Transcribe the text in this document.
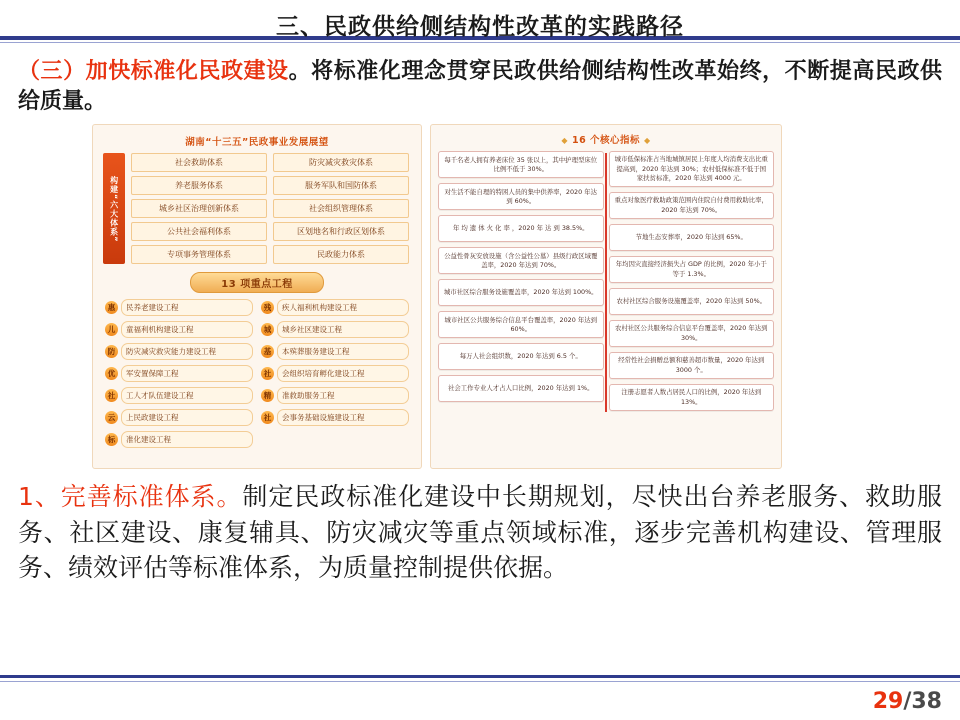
三、民政供给侧结构性改革的实践路径
（三）加快标准化民政建设。将标准化理念贯穿民政供给侧结构性改革始终，不断提高民政供给质量。
湖南“十三五”民政事业发展展望
构建“六大体系”
社会救助体系
养老服务体系
城乡社区治理创新体系
公共社会福利体系
专项事务管理体系
防灾减灾救灾体系
服务军队和国防体系
社会组织管理体系
区划地名和行政区划体系
民政能力体系
13 项重点工程
惠	民养老建设工程
儿	童福利机构建设工程
防	防灾减灾救灾能力建设工程
优	军安置保障工程
社	工人才队伍建设工程
云	上民政建设工程
标	准化建设工程
残	疾人福利机构建设工程
城	城乡社区建设工程
基	本殡葬服务建设工程
社	会组织培育孵化建设工程
精	准救助服务工程
社	会事务基础设施建设工程
◆ 16 个核心指标 ◆
每千名老人拥有养老床位 35 张以上，其中护理型床位比例不低于 30%。
对生活不能自理的特困人员的集中供养率，2020 年达到 60%。
年 均 遗 体 火 化 率 ，2020 年 达 到 38.5%。
公益性骨灰安放设施（含公益性公墓）县级行政区域覆盖率，2020 年达到 70%。
城市社区综合服务设施覆盖率，2020 年达到 100%。
城市社区公共服务综合信息平台覆盖率，2020 年达到 60%。
每万人社会组织数，2020 年达到 6.5 个。
社会工作专业人才占人口比例，2020 年达到 1%。
城市低保标准占当地城镇居民上年度人均消费支出比重提高到，2020 年达到 30%；农村低保标准不低于国家扶贫标准，2020 年达到 4000 元。
重点对象医疗救助政策范围内住院自付费用救助比率，2020 年达到 70%。
节地生态安葬率，2020 年达到 65%。
年均因灾直接经济损失占 GDP 的比例，2020 年小于等于 1.3%。
农村社区综合服务设施覆盖率，2020 年达到 50%。
农村社区公共服务综合信息平台覆盖率，2020 年达到 30%。
经常性社会捐赠总额和慈善超市数量，2020 年达到 3000 个。
注册志愿者人数占居民人口的比例，2020 年达到 13%。
1、完善标准体系。制定民政标准化建设中长期规划，尽快出台养老服务、救助服务、社区建设、康复辅具、防灾减灾等重点领域标准，逐步完善机构建设、管理服务、绩效评估等标准体系，为质量控制提供依据。
29/38
